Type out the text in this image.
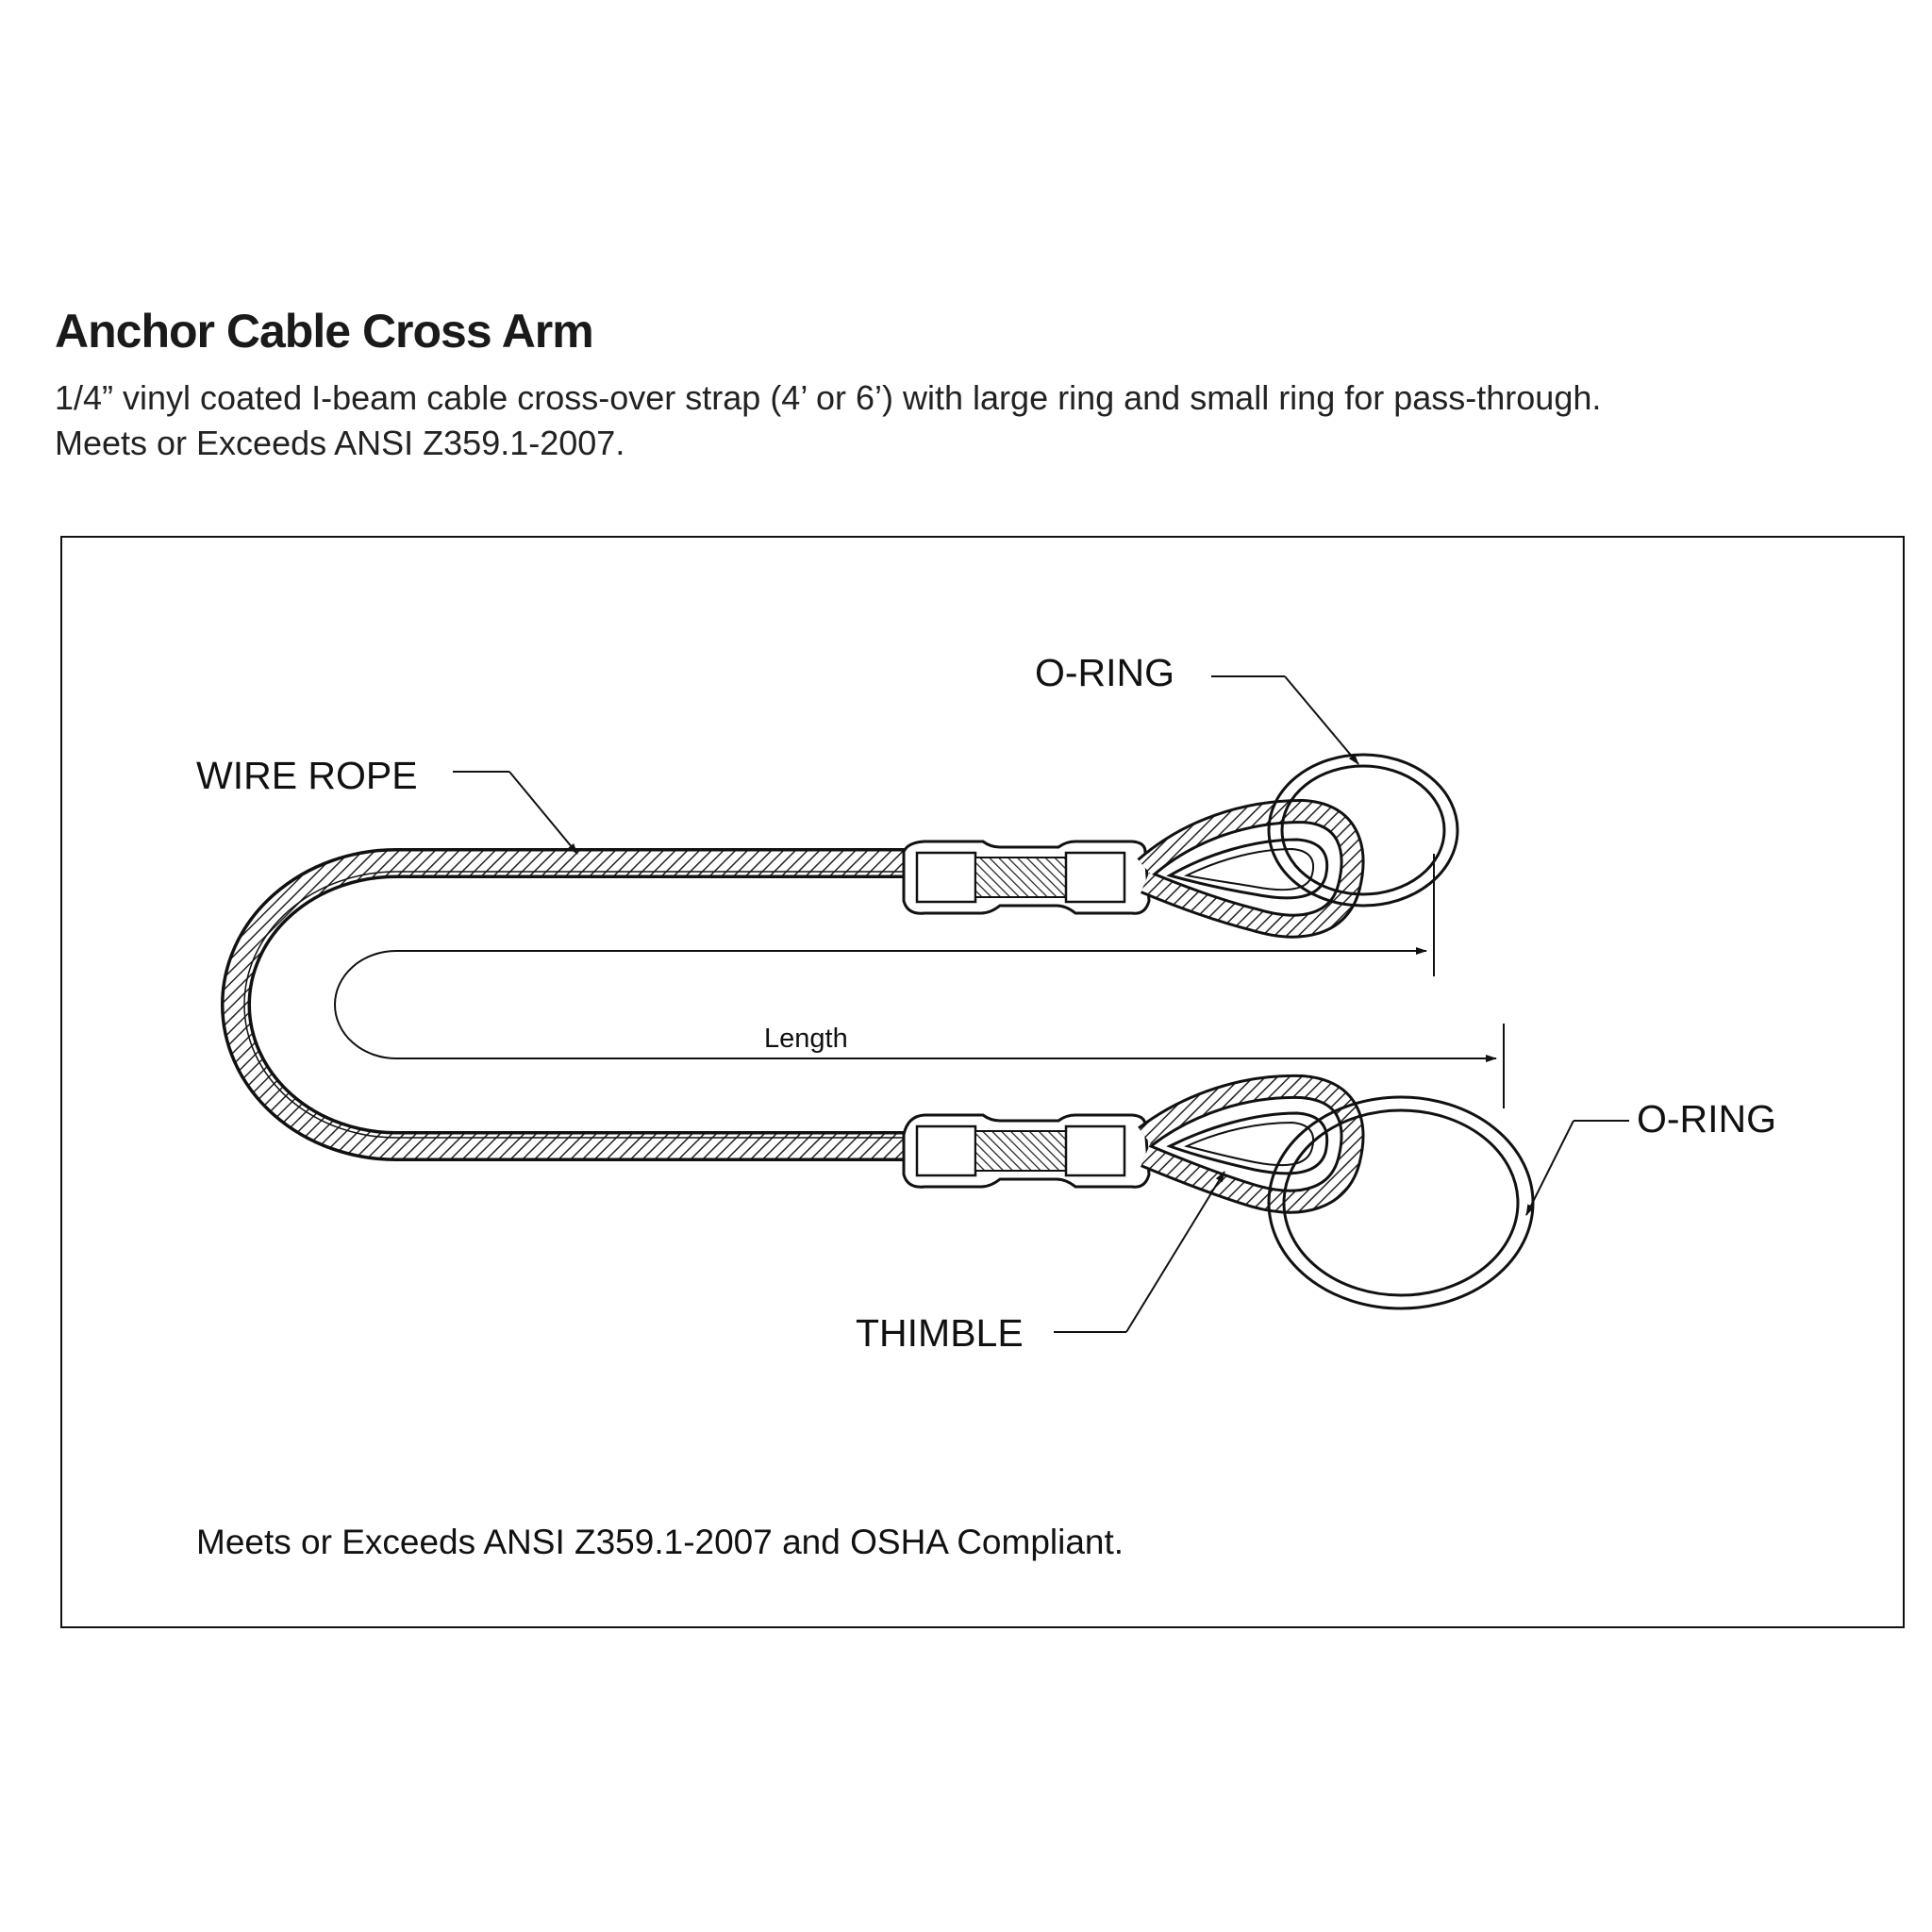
Anchor Cable Cross Arm
1/4” vinyl coated I-beam cable cross-over strap (4’ or 6’) with large ring and small ring for pass-through.
Meets or Exceeds ANSI Z359.1-2007.
Length
WIRE ROPE
O-RING
O-RING
THIMBLE
Meets or Exceeds ANSI Z359.1-2007 and OSHA Compliant.
